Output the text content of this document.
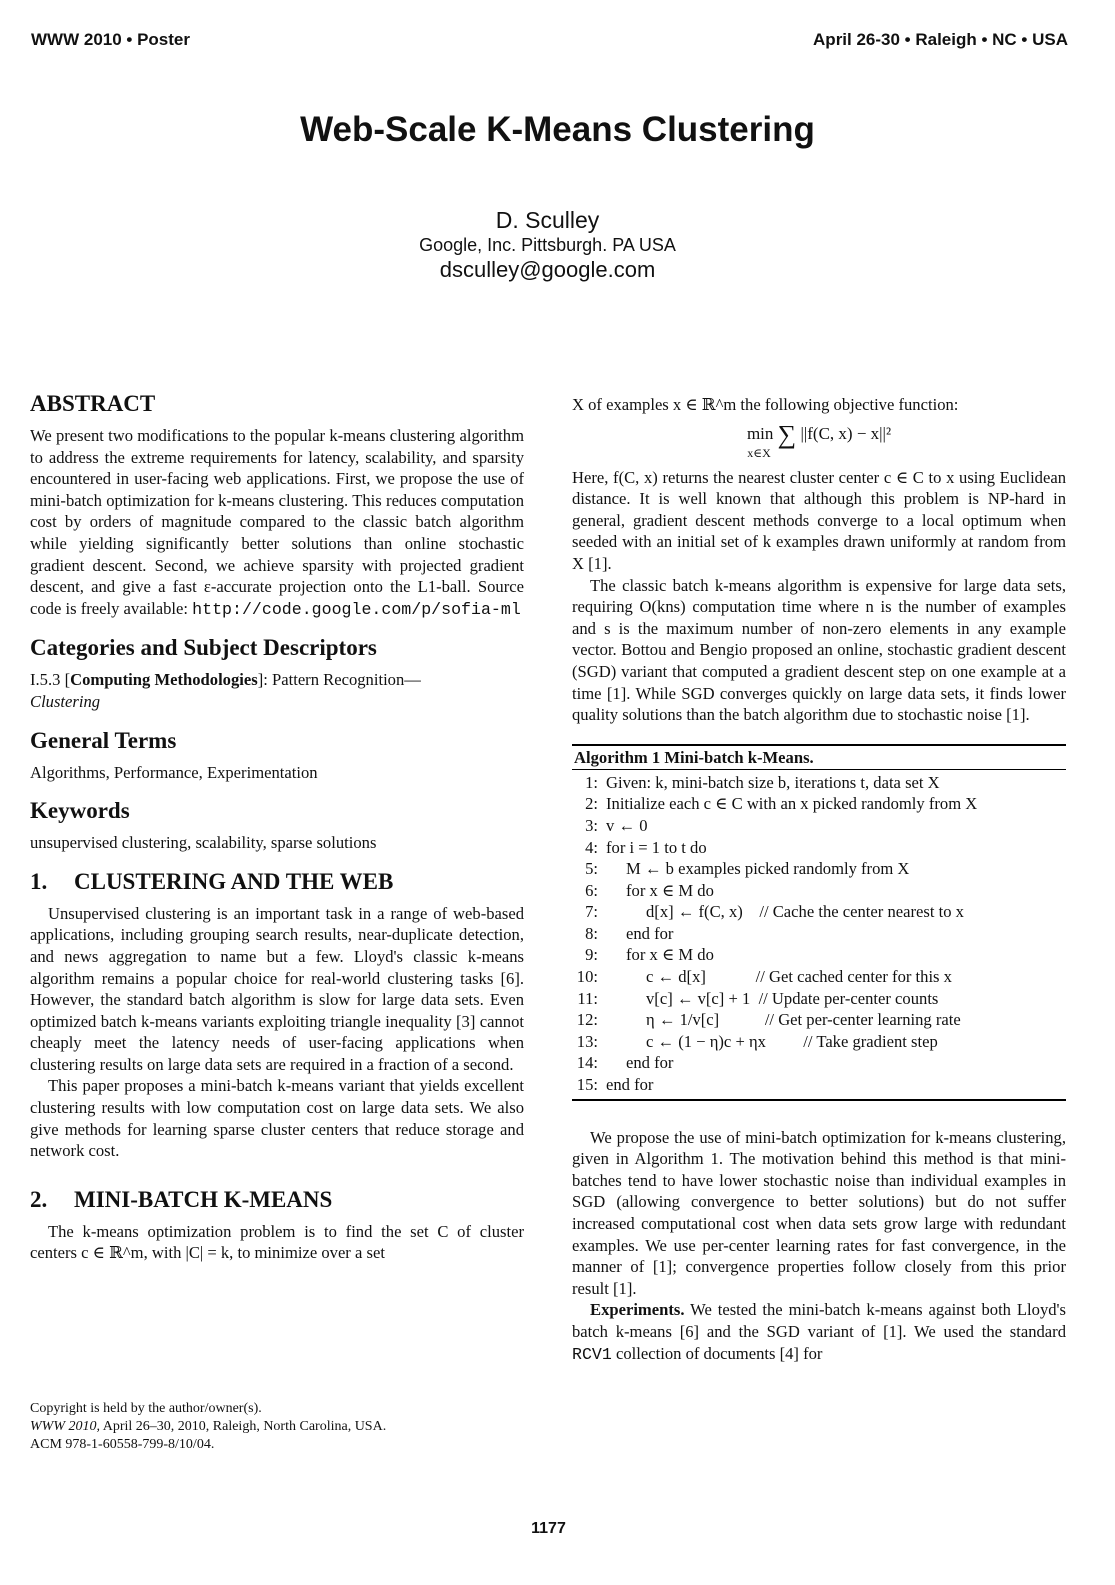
WWW 2010 • Poster	April 26-30 • Raleigh • NC • USA
Web-Scale K-Means Clustering
D. Sculley
Google, Inc. Pittsburgh. PA USA
dsculley@google.com
ABSTRACT

We present two modifications to the popular k-means clustering algorithm to address the extreme requirements for latency, scalability, and sparsity encountered in user-facing web applications. First, we propose the use of mini-batch optimization for k-means clustering. This reduces computation cost by orders of magnitude compared to the classic batch algorithm while yielding significantly better solutions than online stochastic gradient descent. Second, we achieve sparsity with projected gradient descent, and give a fast ε-accurate projection onto the L1-ball. Source code is freely available: http://code.google.com/p/sofia-ml

Categories and Subject Descriptors

I.5.3 [Computing Methodologies]: Pattern Recognition—
Clustering

General Terms

Algorithms, Performance, Experimentation

Keywords

unsupervised clustering, scalability, sparse solutions

1. CLUSTERING AND THE WEB

Unsupervised clustering is an important task in a range of web-based applications, including grouping search results, near-duplicate detection, and news aggregation to name but a few. Lloyd's classic k-means algorithm remains a popular choice for real-world clustering tasks [6]. However, the standard batch algorithm is slow for large data sets. Even optimized batch k-means variants exploiting triangle inequality [3] cannot cheaply meet the latency needs of user-facing applications when clustering results on large data sets are required in a fraction of a second.

This paper proposes a mini-batch k-means variant that yields excellent clustering results with low computation cost on large data sets. We also give methods for learning sparse cluster centers that reduce storage and network cost.

2. MINI-BATCH K-MEANS

The k-means optimization problem is to find the set C of cluster centers c ∈ ℝ^m, with |C| = k, to minimize over a set

X of examples x ∈ ℝ^m the following objective function:

min ∑ ||f(C, x) − x||²
x∈X

Here, f(C, x) returns the nearest cluster center c ∈ C to x using Euclidean distance. It is well known that although this problem is NP-hard in general, gradient descent methods converge to a local optimum when seeded with an initial set of k examples drawn uniformly at random from X [1].

The classic batch k-means algorithm is expensive for large data sets, requiring O(kns) computation time where n is the number of examples and s is the maximum number of non-zero elements in any example vector. Bottou and Bengio proposed an online, stochastic gradient descent (SGD) variant that computed a gradient descent step on one example at a time [1]. While SGD converges quickly on large data sets, it finds lower quality solutions than the batch algorithm due to stochastic noise [1].

Algorithm 1 Mini-batch k-Means.
1: Given: k, mini-batch size b, iterations t, data set X
2: Initialize each c ∈ C with an x picked randomly from X
3: v ← 0
4: for i = 1 to t do
5:	M ← b examples picked randomly from X
6:	for x ∈ M do
7:	d[x] ← f(C, x)    // Cache the center nearest to x
8:	end for
9:	for x ∈ M do
10:	c ← d[x]            // Get cached center for this x
11:	v[c] ← v[c] + 1  // Update per-center counts
12:	η ← 1/v[c]           // Get per-center learning rate
13:	c ← (1 − η)c + ηx         // Take gradient step
14:	end for
15: end for

We propose the use of mini-batch optimization for k-means clustering, given in Algorithm 1. The motivation behind this method is that mini-batches tend to have lower stochastic noise than individual examples in SGD (allowing convergence to better solutions) but do not suffer increased computational cost when data sets grow large with redundant examples. We use per-center learning rates for fast convergence, in the manner of [1]; convergence properties follow closely from this prior result [1].

Experiments. We tested the mini-batch k-means against both Lloyd's batch k-means [6] and the SGD variant of [1]. We used the standard RCV1 collection of documents [4] for

Copyright is held by the author/owner(s).
WWW 2010, April 26–30, 2010, Raleigh, North Carolina, USA.
ACM 978-1-60558-799-8/10/04.
1177
